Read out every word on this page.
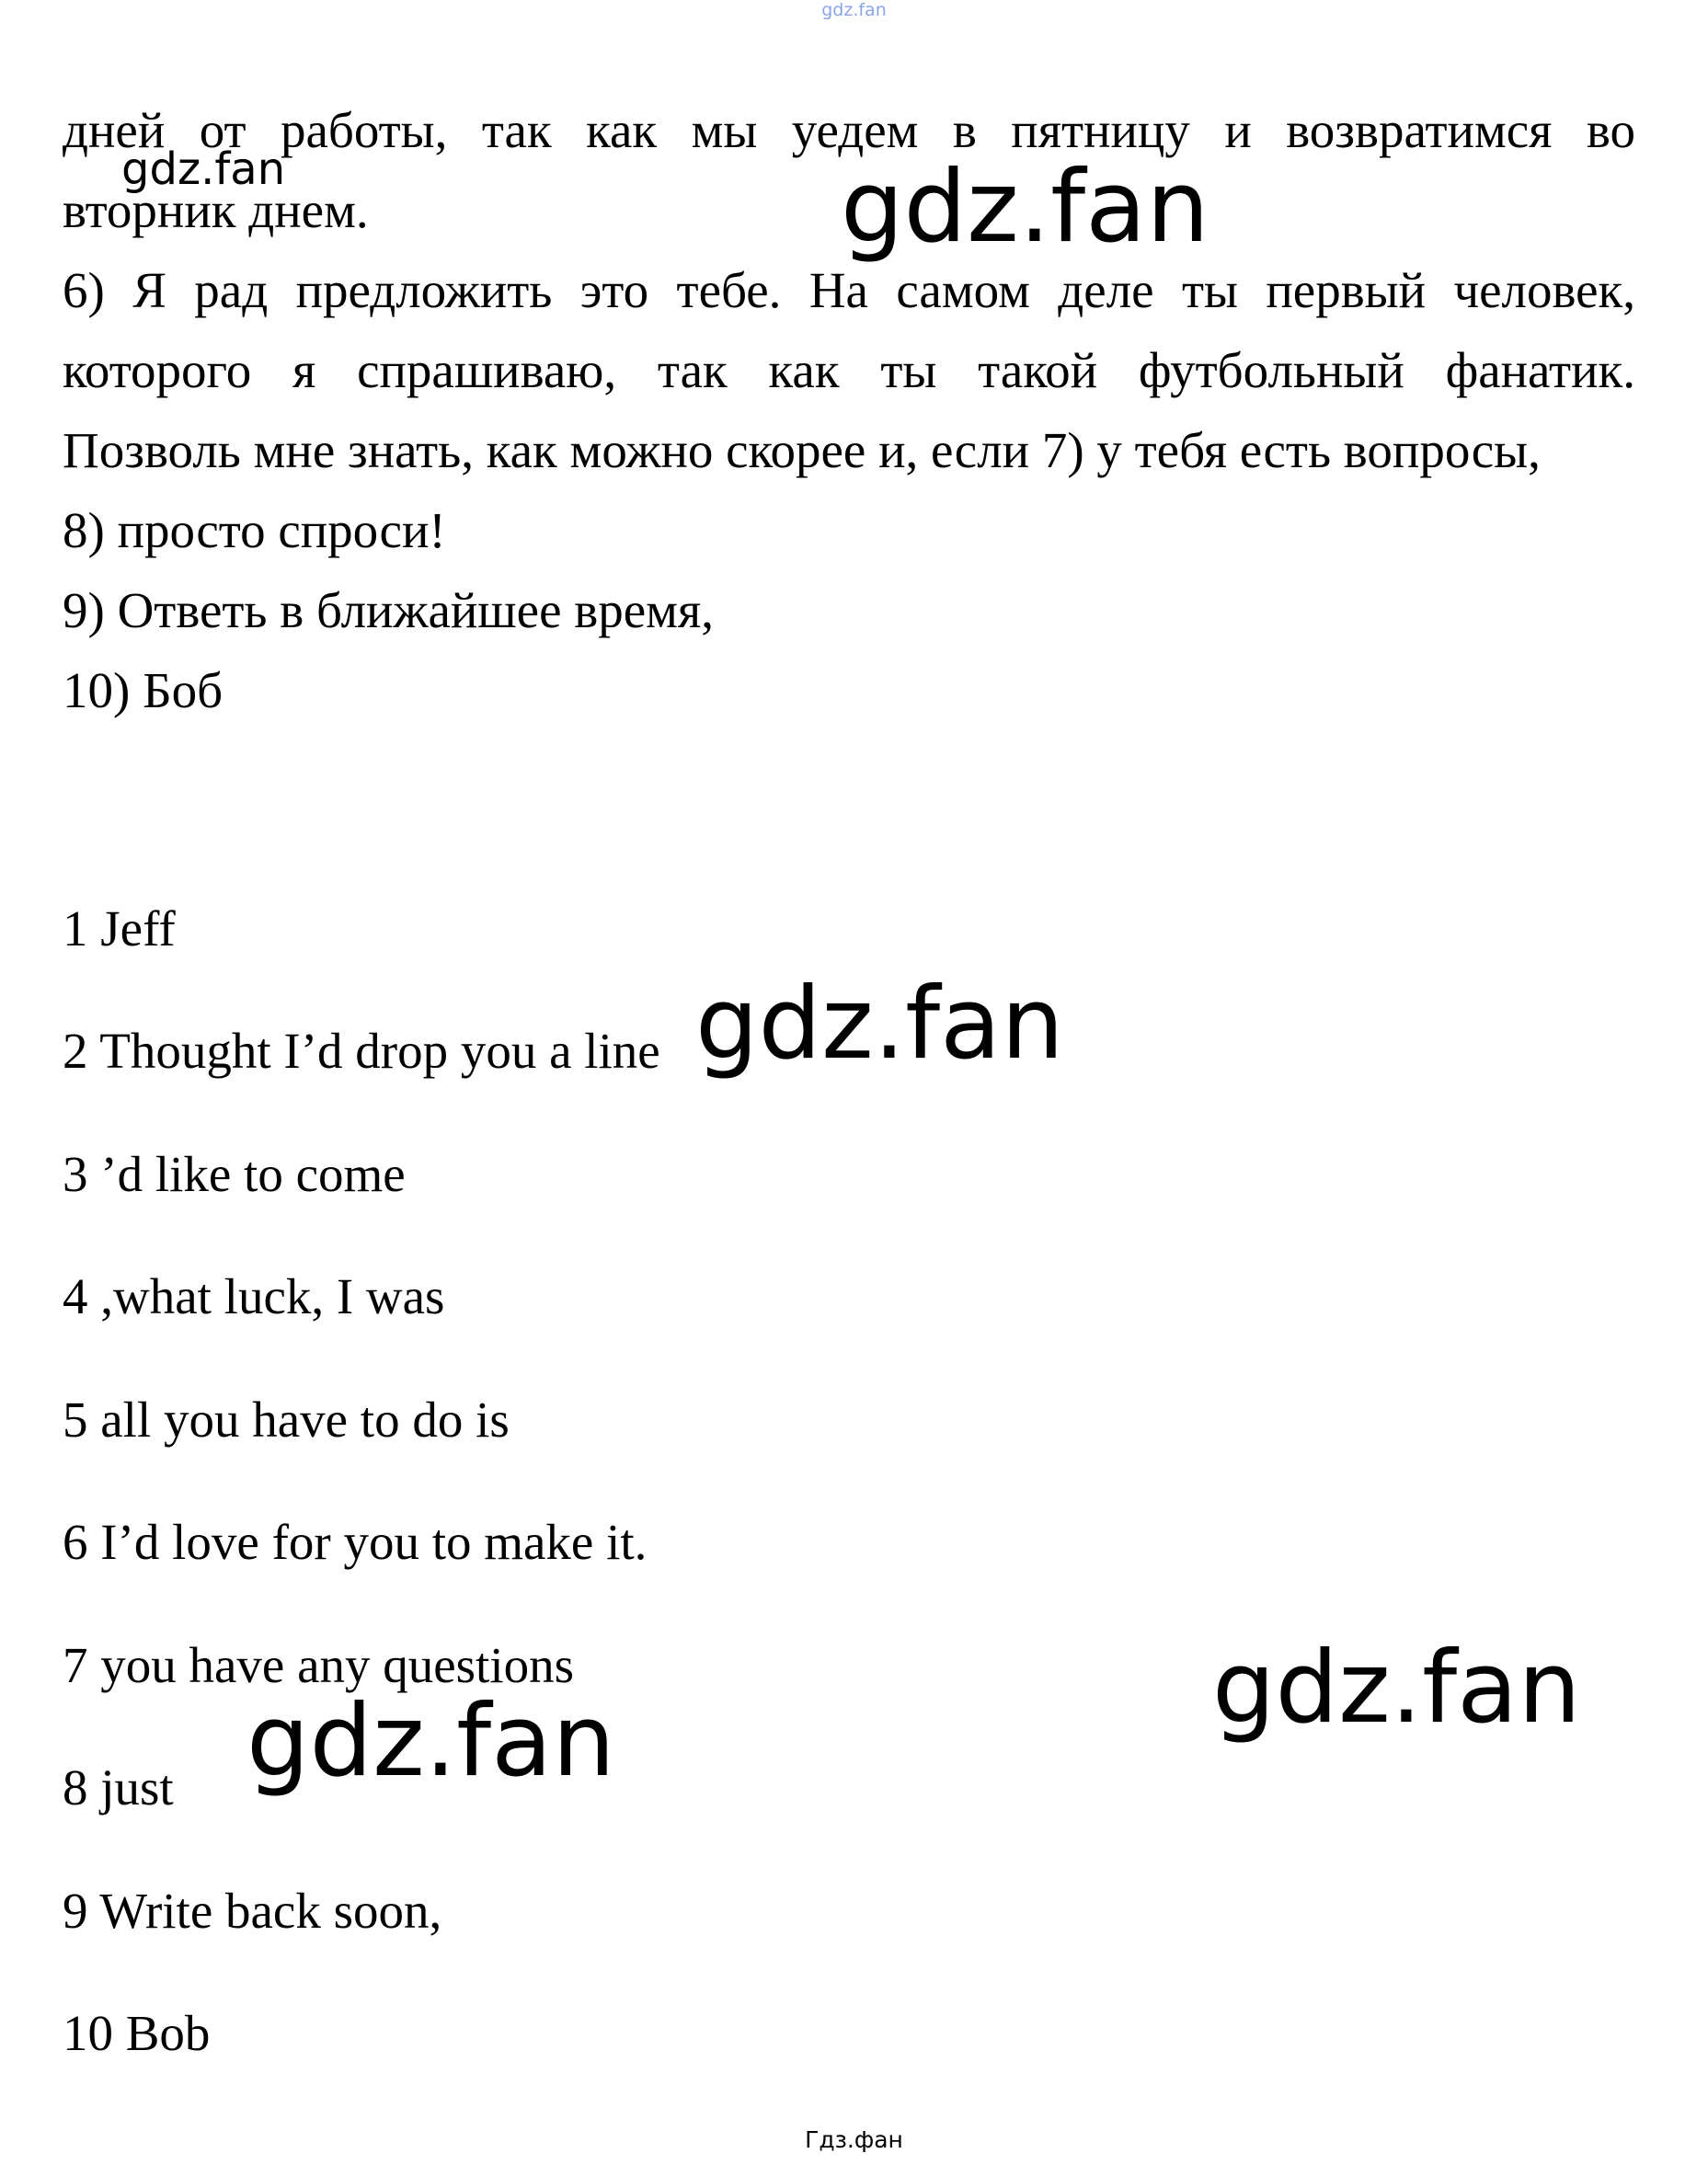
gdz.fan
дней от работы, так как мы уедем в пятницу и возвратимся во
вторник днем.
6) Я рад предложить это тебе. На самом деле ты первый человек,
которого я спрашиваю, так как ты такой футбольный фанатик.
Позволь мне знать, как можно скорее и, если 7) у тебя есть вопросы,
8) просто спроси!
9) Ответь в ближайшее время,
10) Боб
1 Jeff
2 Thought I’d drop you a line
3 ’d like to come
4 ,what luck, I was
5 all you have to do is
6 I’d love for you to make it.
7 you have any questions
8 just
9 Write back soon,
10 Bob
gdz.fan	gdz.fan
gdz.fan
gdz.fan
gdz.fan
Гдз.фан
